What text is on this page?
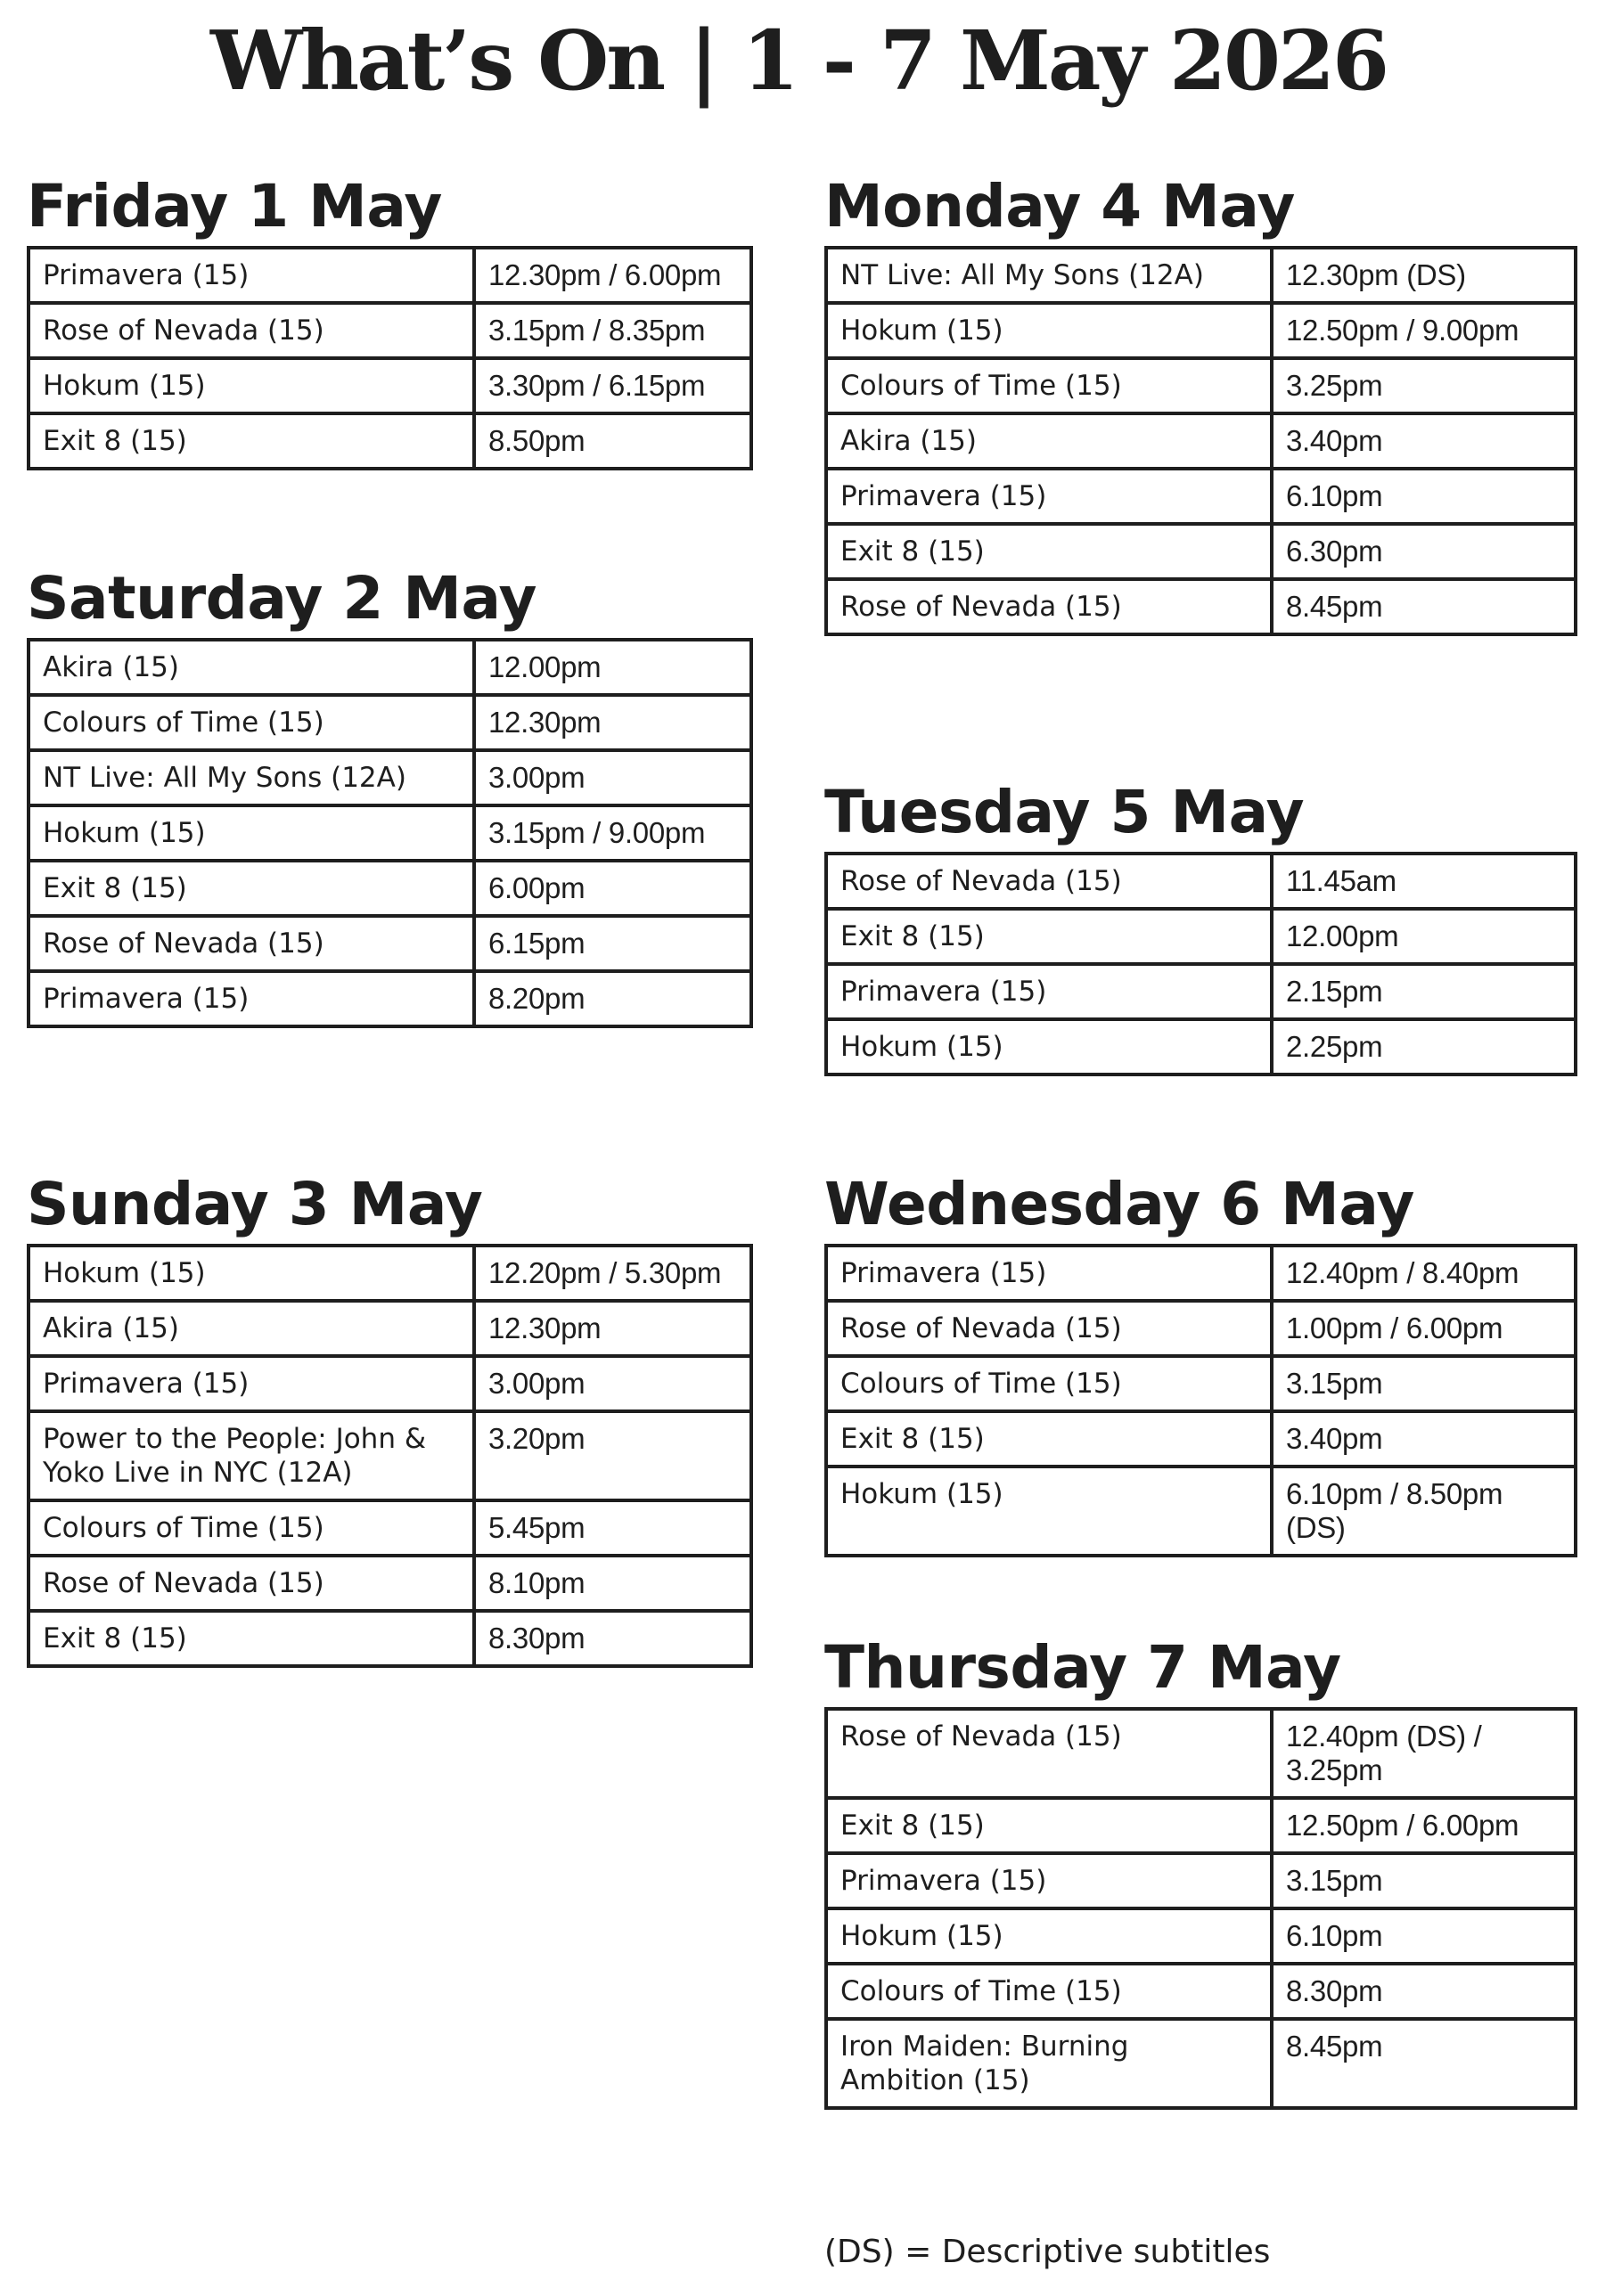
What’s On | 1 - 7 May 2026
Friday 1 May
Primavera (15)	12.30pm / 6.00pm
Rose of Nevada (15)	3.15pm / 8.35pm
Hokum (15)	3.30pm / 6.15pm
Exit 8 (15)	8.50pm
Saturday 2 May
Akira (15)	12.00pm
Colours of Time (15)	12.30pm
NT Live: All My Sons (12A)	3.00pm
Hokum (15)	3.15pm / 9.00pm
Exit 8 (15)	6.00pm
Rose of Nevada (15)	6.15pm
Primavera (15)	8.20pm
Sunday 3 May
Hokum (15)	12.20pm / 5.30pm
Akira (15)	12.30pm
Primavera (15)	3.00pm
Power to the People: John & Yoko Live in NYC (12A)	3.20pm
Colours of Time (15)	5.45pm
Rose of Nevada (15)	8.10pm
Exit 8 (15)	8.30pm
Monday 4 May
NT Live: All My Sons (12A)	12.30pm (DS)
Hokum (15)	12.50pm / 9.00pm
Colours of Time (15)	3.25pm
Akira (15)	3.40pm
Primavera (15)	6.10pm
Exit 8 (15)	6.30pm
Rose of Nevada (15)	8.45pm
Tuesday 5 May
Rose of Nevada (15)	11.45am
Exit 8 (15)	12.00pm
Primavera (15)	2.15pm
Hokum (15)	2.25pm
Wednesday 6 May
Primavera (15)	12.40pm / 8.40pm
Rose of Nevada (15)	1.00pm / 6.00pm
Colours of Time (15)	3.15pm
Exit 8 (15)	3.40pm
Hokum (15)	6.10pm / 8.50pm (DS)
Thursday 7 May
Rose of Nevada (15)	12.40pm (DS) / 3.25pm
Exit 8 (15)	12.50pm / 6.00pm
Primavera (15)	3.15pm
Hokum (15)	6.10pm
Colours of Time (15)	8.30pm
Iron Maiden: Burning Ambition (15)	8.45pm
(DS) = Descriptive subtitles
